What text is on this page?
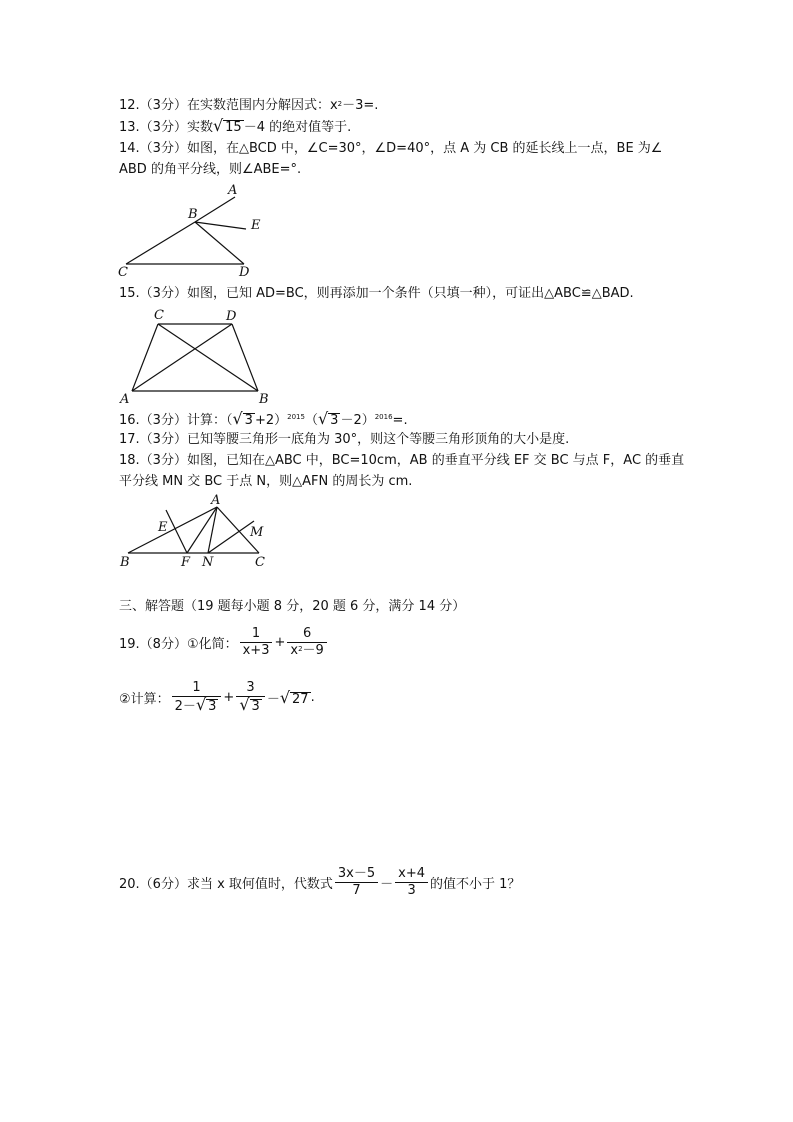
12.（3分）在实数范围内分解因式：$x^2-3=$.
13.（3分）实数√ 15 －4 的绝对值等于.
14.（3分）如图，在△BCD 中，∠C=30°，∠D=40°，点 A 为 CB 的延长线上一点，BE 为∠
ABD 的角平分线，则∠ABE=°.
A
B
E
C	D
15.（3分）如图，已知 AD=BC，则再添加一个条件（只填一种），可证出△ABC≌△BAD.
C	D
A	B
16.（3分）计算：（√ 3 +2）$^{2015}$（√ 3 －2）$^{2016}$=.
17.（3分）已知等腰三角形一底角为 30°，则这个等腰三角形顶角的大小是度.
18.（3分）如图，已知在△ABC 中，BC=10cm，AB 的垂直平分线 EF 交 BC 与点 F，AC 的垂直
平分线 MN 交 BC 于点 N，则△AFN 的周长为 cm.
A
E	M
B	F N	C
三、解答题（19 题每小题 8 分，20 题 6 分，满分 14 分）
19.（8分）①化简： $\frac{1}{x+3} + \frac{6}{x^2-9}$
②计算： $\frac{1}{2-√ 3} + \frac{3}{√ 3}$ －√ 27 .
20.（6分）求当 x 取何值时，代数式 $\frac{3x-5}{7} - \frac{x+4}{3}$ 的值不小于 1？
